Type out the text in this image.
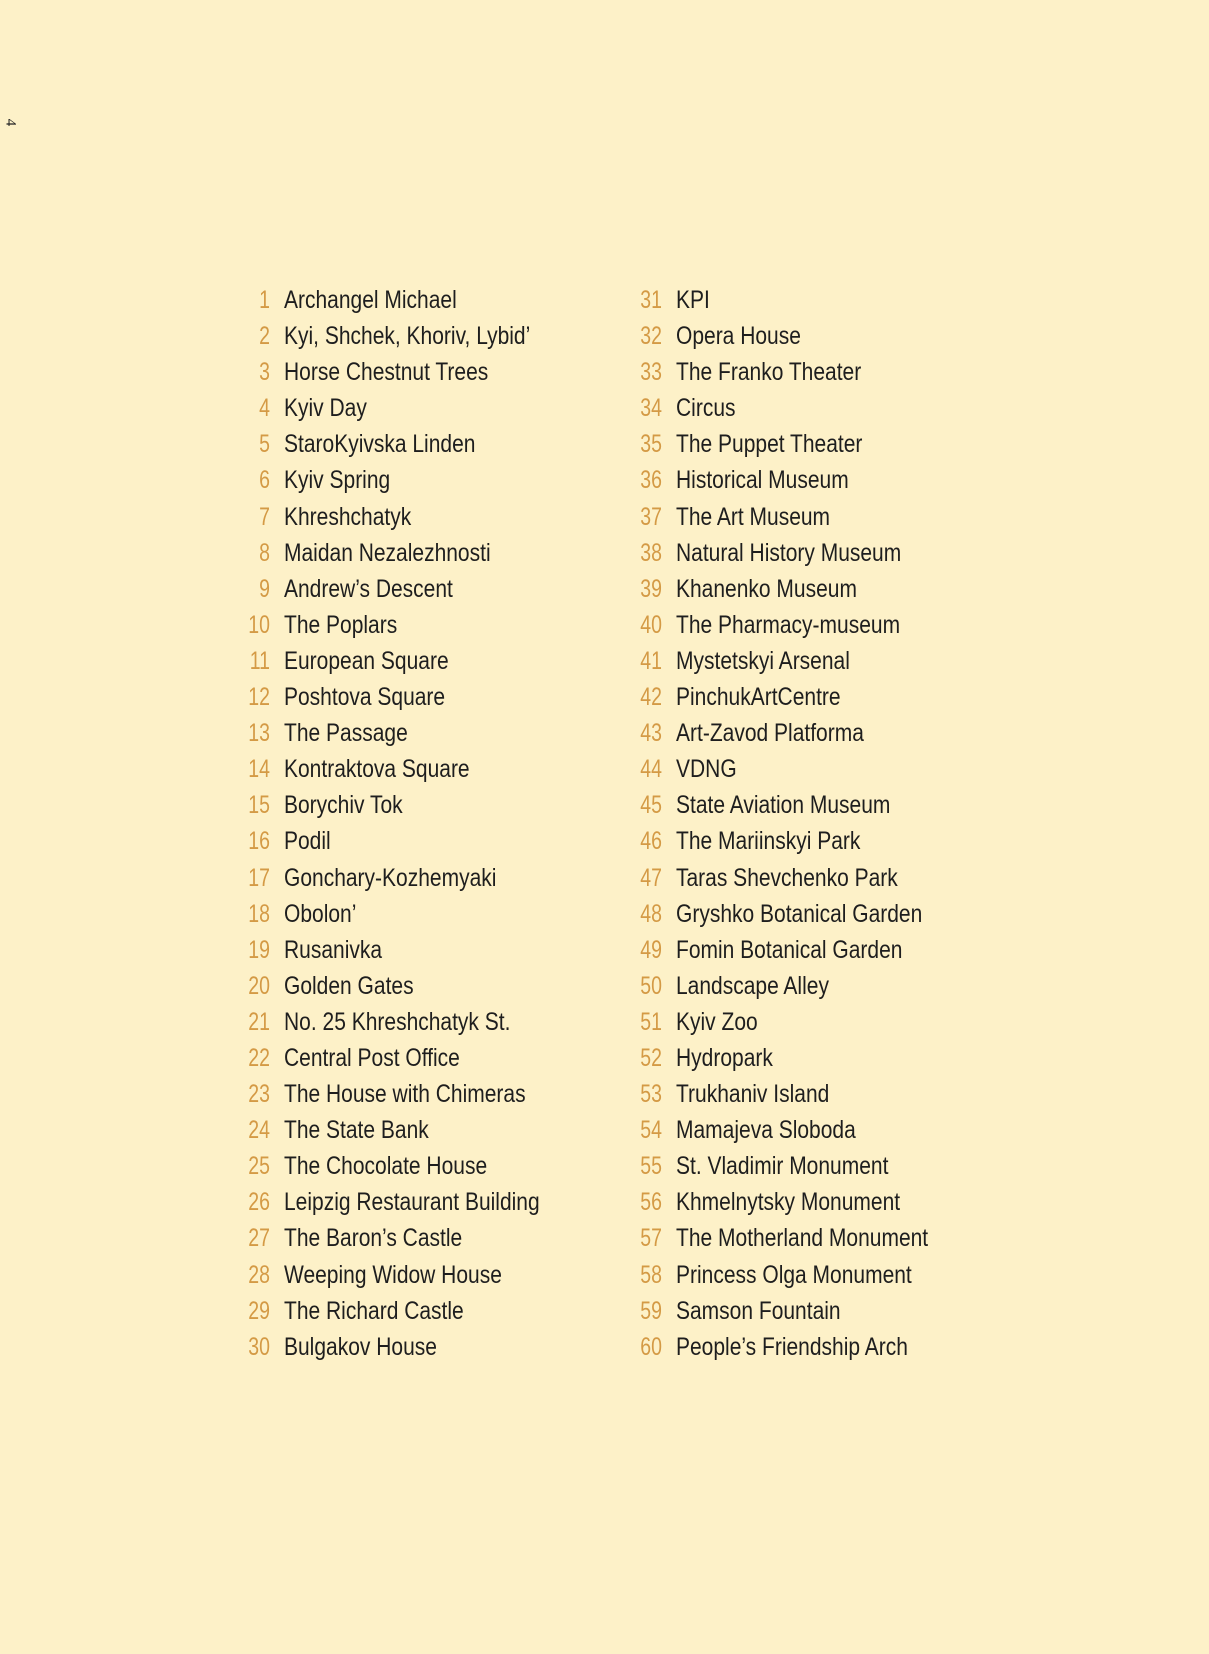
4
1 Archangel Michael
2 Kyi, Shchek, Khoriv, Lybid’
3 Horse Chestnut Trees
4 Kyiv Day
5 StaroKyivska Linden
6 Kyiv Spring
7 Khreshchatyk
8 Maidan Nezalezhnosti
9 Andrew’s Descent
10 The Poplars
11 European Square
12 Poshtova Square
13 The Passage
14 Kontraktova Square
15 Borychiv Tok
16 Podil
17 Gonchary-Kozhemyaki
18 Obolon’
19 Rusanivka
20 Golden Gates
21 No. 25 Khreshchatyk St.
22 Central Post Office
23 The House with Chimeras
24 The State Bank
25 The Chocolate House
26 Leipzig Restaurant Building
27 The Baron’s Castle
28 Weeping Widow House
29 The Richard Castle
30 Bulgakov House
31 KPI
32 Opera House
33 The Franko Theater
34 Circus
35 The Puppet Theater
36 Historical Museum
37 The Art Museum
38 Natural History Museum
39 Khanenko Museum
40 The Pharmacy-museum
41 Mystetskyi Arsenal
42 PinchukArtCentre
43 Art-Zavod Platforma
44 VDNG
45 State Aviation Museum
46 The Mariinskyi Park
47 Taras Shevchenko Park
48 Gryshko Botanical Garden
49 Fomin Botanical Garden
50 Landscape Alley
51 Kyiv Zoo
52 Hydropark
53 Trukhaniv Island
54 Mamajeva Sloboda
55 St. Vladimir Monument
56 Khmelnytsky Monument
57 The Motherland Monument
58 Princess Olga Monument
59 Samson Fountain
60 People’s Friendship Arch
